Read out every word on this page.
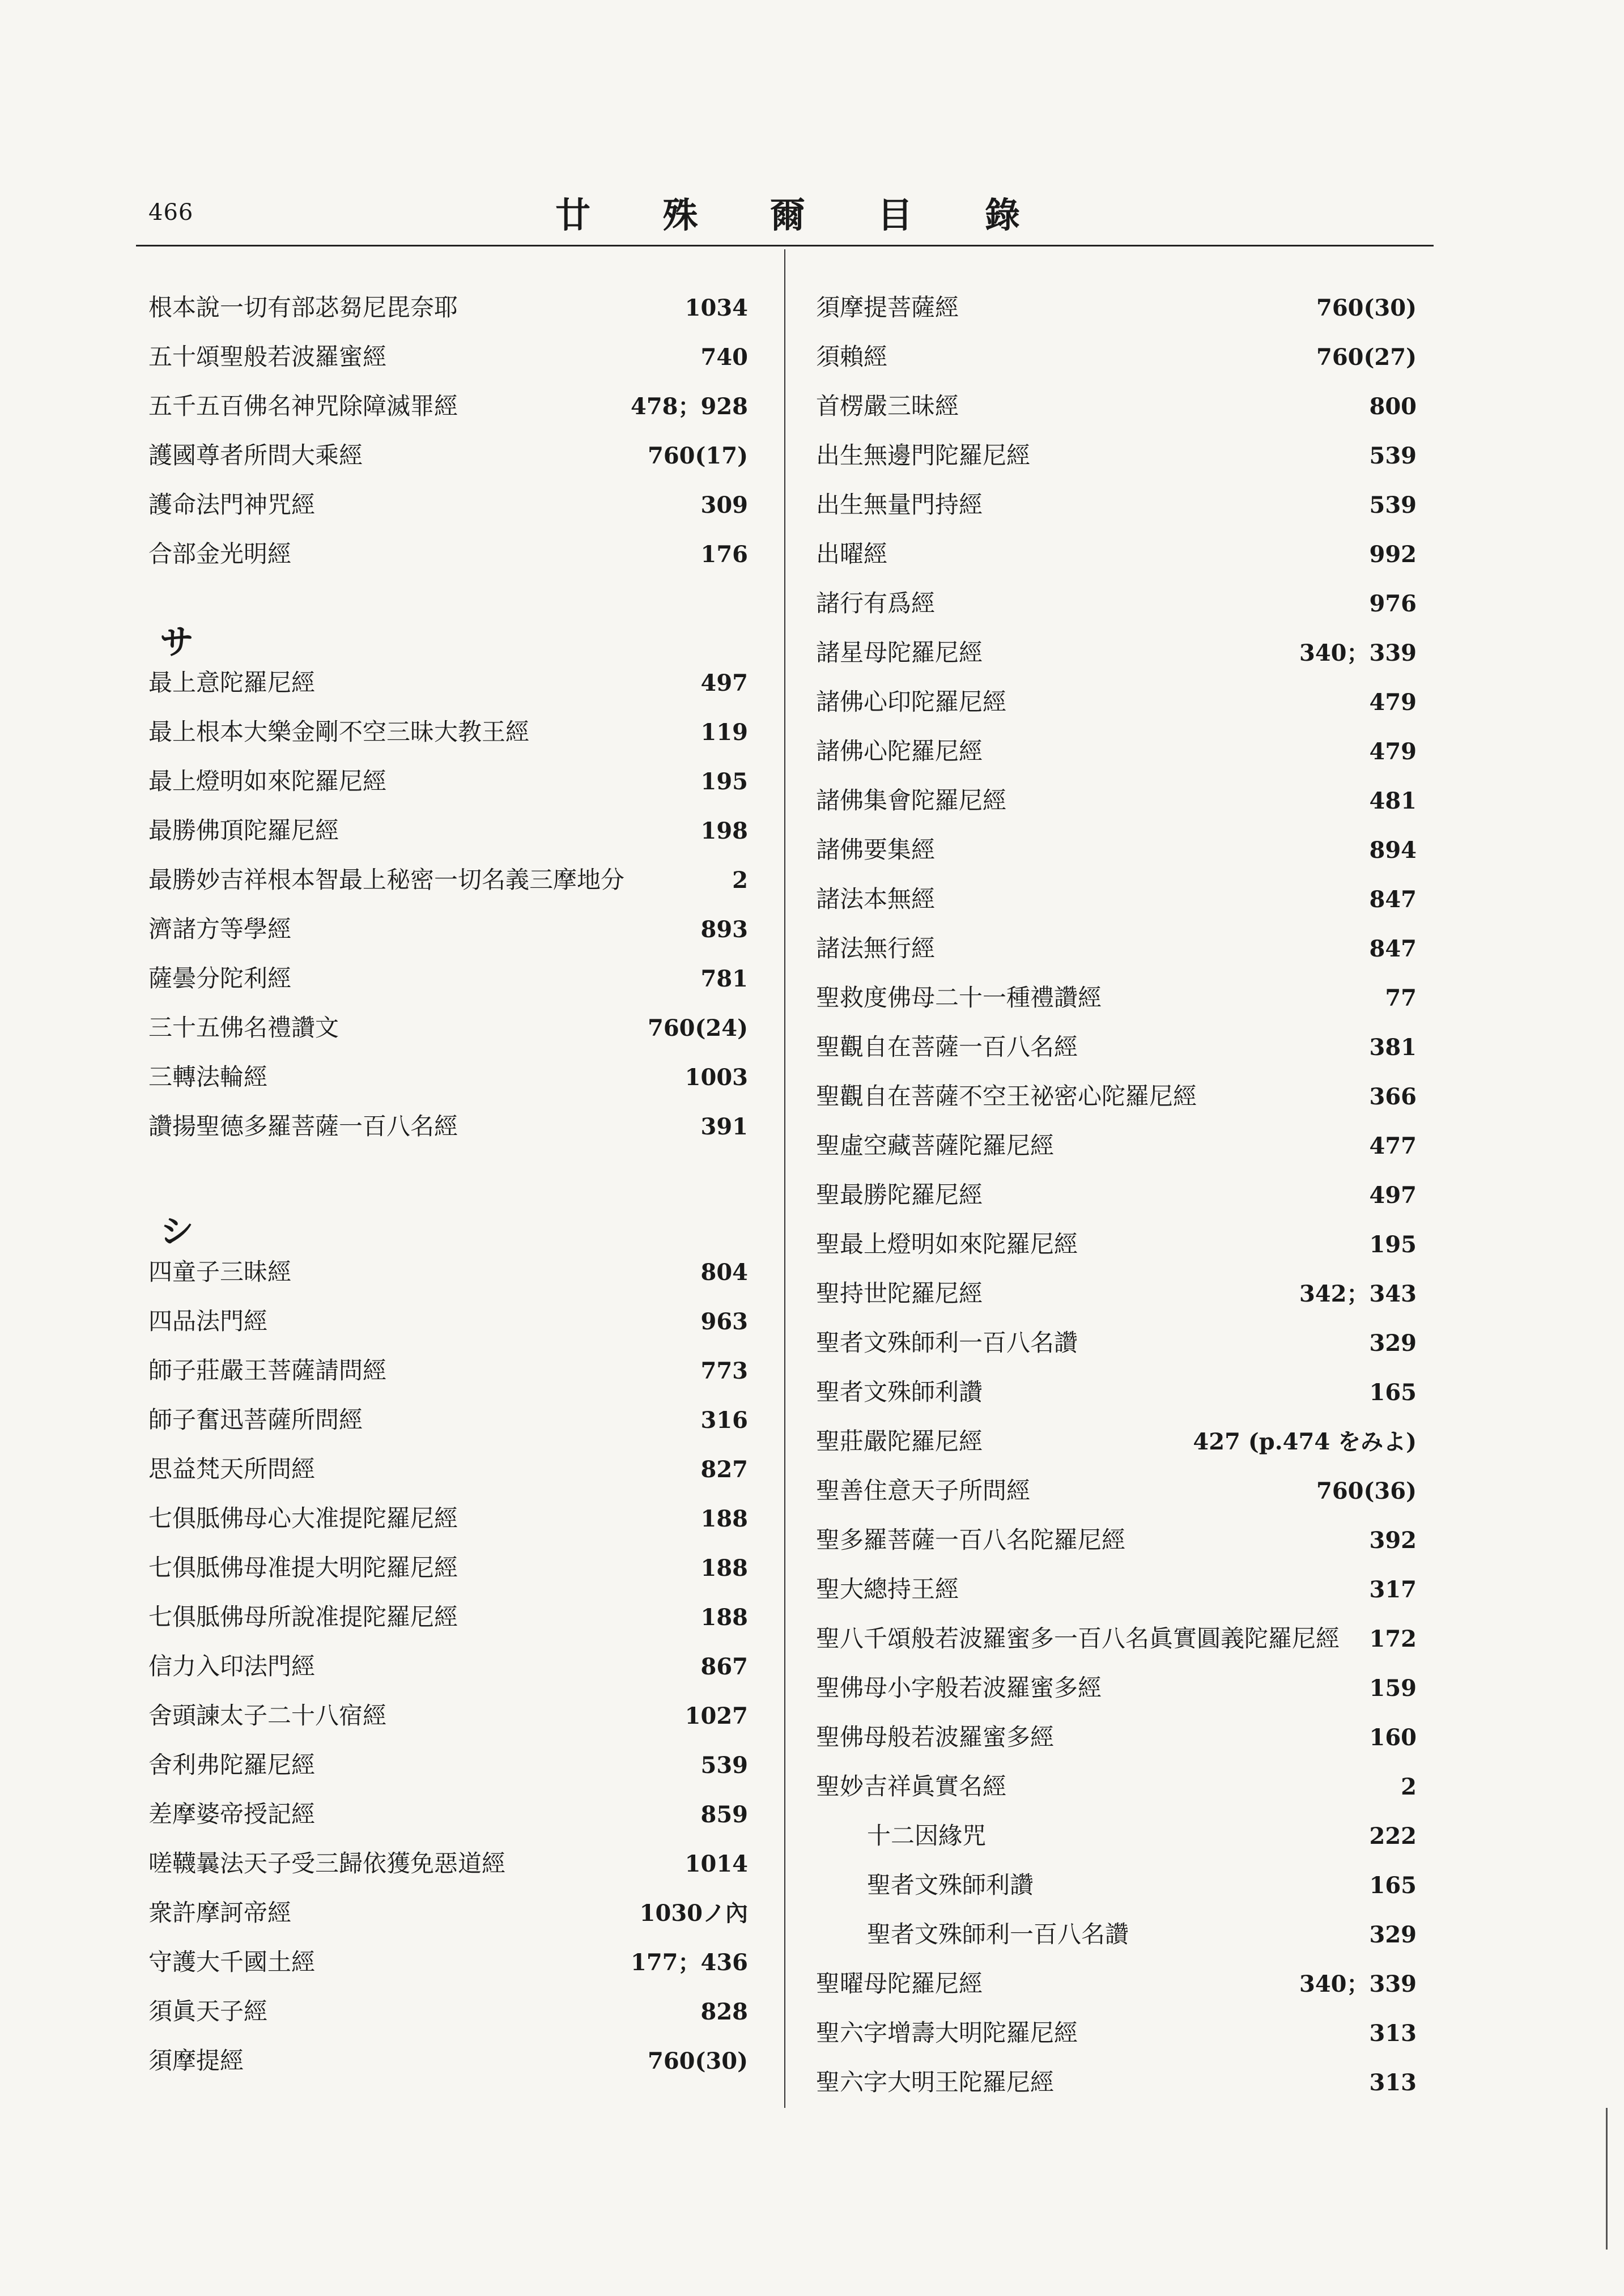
466	廿 殊 爾 目 錄
根本說一切有部苾芻尼毘奈耶	1034
五十頌聖般若波羅蜜經	740
五千五百佛名神咒除障滅罪經	478；928
護國尊者所問大乘經	760(17)
護命法門神咒經	309
合部金光明經	176
サ
最上意陀羅尼經	497
最上根本大樂金剛不空三昧大教王經	119
最上燈明如來陀羅尼經	195
最勝佛頂陀羅尼經	198
最勝妙吉祥根本智最上秘密一切名義三摩地分	2
濟諸方等學經	893
薩曇分陀利經	781
三十五佛名禮讚文	760(24)
三轉法輪經	1003
讚揚聖德多羅菩薩一百八名經	391
シ
四童子三昧經	804
四品法門經	963
師子莊嚴王菩薩請問經	773
師子奮迅菩薩所問經	316
思益梵天所問經	827
七俱胝佛母心大准提陀羅尼經	188
七俱胝佛母准提大明陀羅尼經	188
七俱胝佛母所說准提陀羅尼經	188
信力入印法門經	867
舍頭諫太子二十八宿經	1027
舍利弗陀羅尼經	539
差摩婆帝授記經	859
嗟韈曩法天子受三歸依獲免惡道經	1014
衆許摩訶帝經	1030ノ內
守護大千國土經	177；436
須眞天子經	828
須摩提經	760(30)
須摩提菩薩經	760(30)
須賴經	760(27)
首楞嚴三昧經	800
出生無邊門陀羅尼經	539
出生無量門持經	539
出曜經	992
諸行有爲經	976
諸星母陀羅尼經	340；339
諸佛心印陀羅尼經	479
諸佛心陀羅尼經	479
諸佛集會陀羅尼經	481
諸佛要集經	894
諸法本無經	847
諸法無行經	847
聖救度佛母二十一種禮讚經	77
聖觀自在菩薩一百八名經	381
聖觀自在菩薩不空王祕密心陀羅尼經	366
聖虛空藏菩薩陀羅尼經	477
聖最勝陀羅尼經	497
聖最上燈明如來陀羅尼經	195
聖持世陀羅尼經	342；343
聖者文殊師利一百八名讚	329
聖者文殊師利讚	165
聖莊嚴陀羅尼經	427 (p.474 をみよ)
聖善住意天子所問經	760(36)
聖多羅菩薩一百八名陀羅尼經	392
聖大總持王經	317
聖八千頌般若波羅蜜多一百八名眞實圓義陀羅尼經 172
聖佛母小字般若波羅蜜多經	159
聖佛母般若波羅蜜多經	160
聖妙吉祥眞實名經	2
十二因緣咒	222
聖者文殊師利讚	165
聖者文殊師利一百八名讚	329
聖曜母陀羅尼經	340；339
聖六字增壽大明陀羅尼經	313
聖六字大明王陀羅尼經	313
